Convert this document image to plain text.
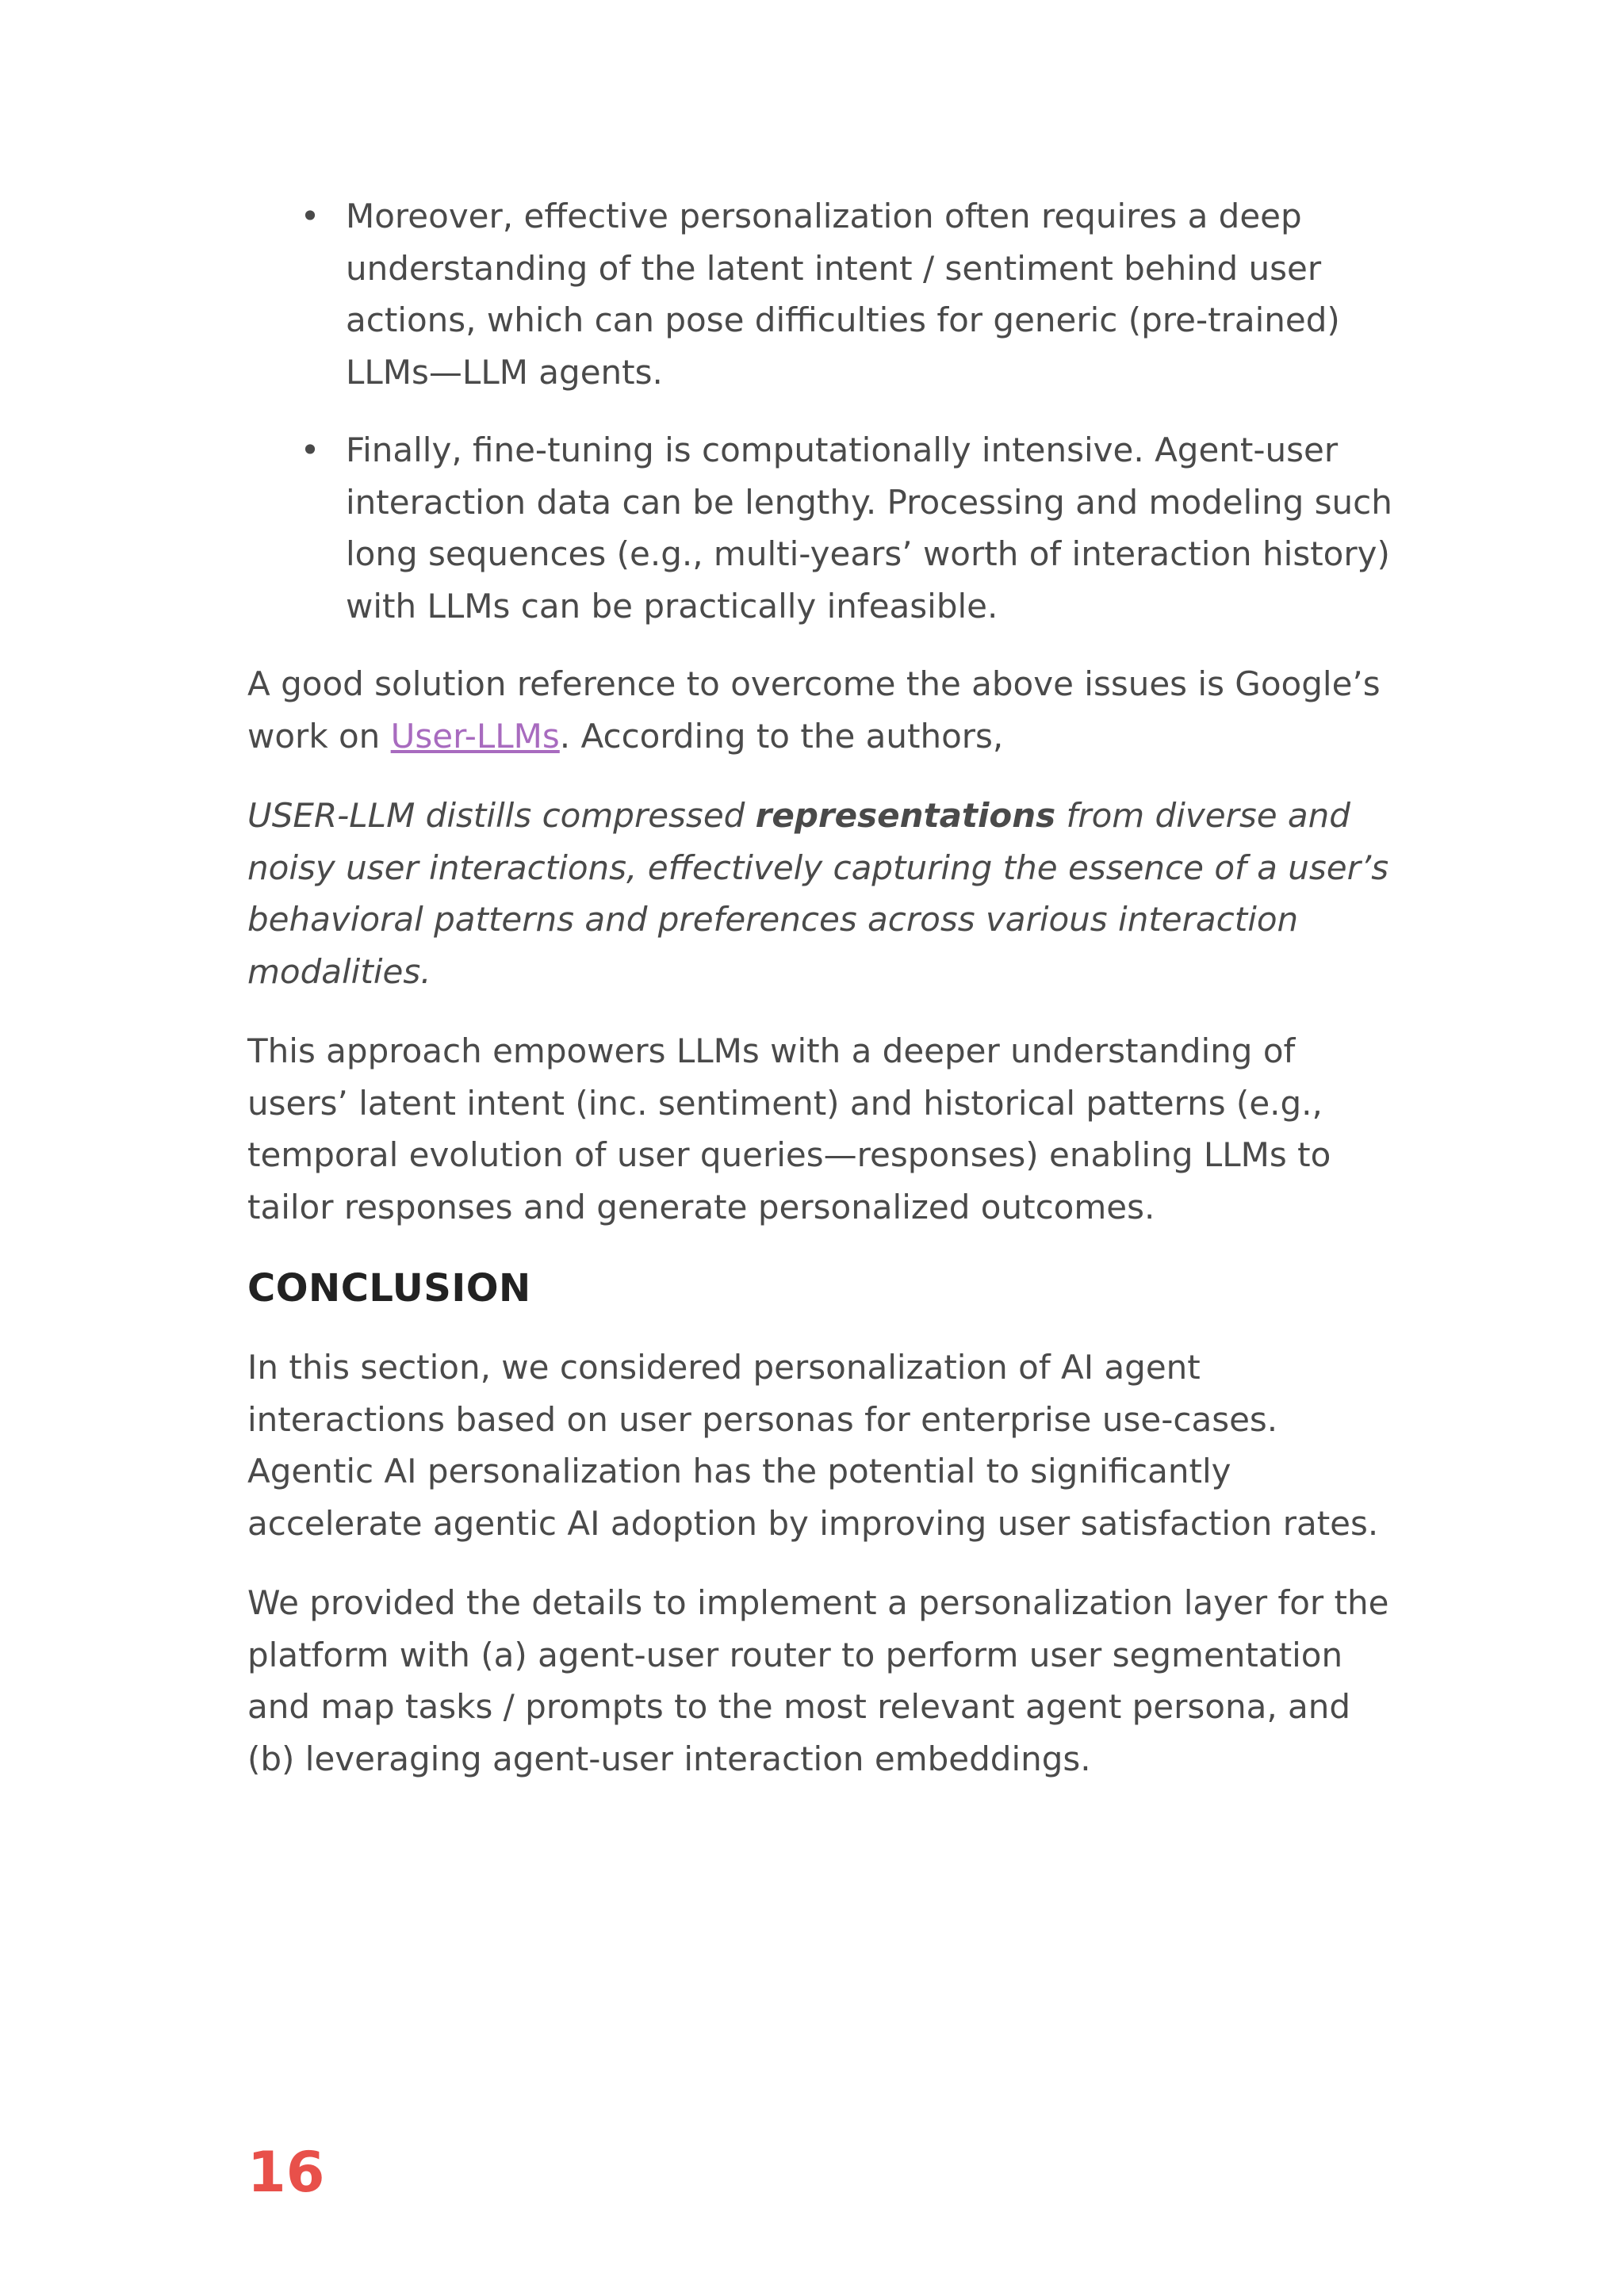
• Moreover, effective personalization often requires a deep understanding of the latent intent / sentiment behind user actions, which can pose difficulties for generic (pre-trained) LLMs—LLM agents.
• Finally, fine-tuning is computationally intensive. Agent-user interaction data can be lengthy. Processing and modeling such long sequences (e.g., multi-years’ worth of interaction history) with LLMs can be practically infeasible.

A good solution reference to overcome the above issues is Google’s work on User-LLMs. According to the authors,

USER-LLM distills compressed representations from diverse and noisy user interactions, effectively capturing the essence of a user’s behavioral patterns and preferences across various interaction modalities.

This approach empowers LLMs with a deeper understanding of users’ latent intent (inc. sentiment) and historical patterns (e.g., temporal evolution of user queries—responses) enabling LLMs to tailor responses and generate personalized outcomes.

CONCLUSION

In this section, we considered personalization of AI agent interactions based on user personas for enterprise use-cases. Agentic AI personalization has the potential to significantly accelerate agentic AI adoption by improving user satisfaction rates.

We provided the details to implement a personalization layer for the platform with (a) agent-user router to perform user segmentation and map tasks / prompts to the most relevant agent persona, and (b) leveraging agent-user interaction embeddings.

16
